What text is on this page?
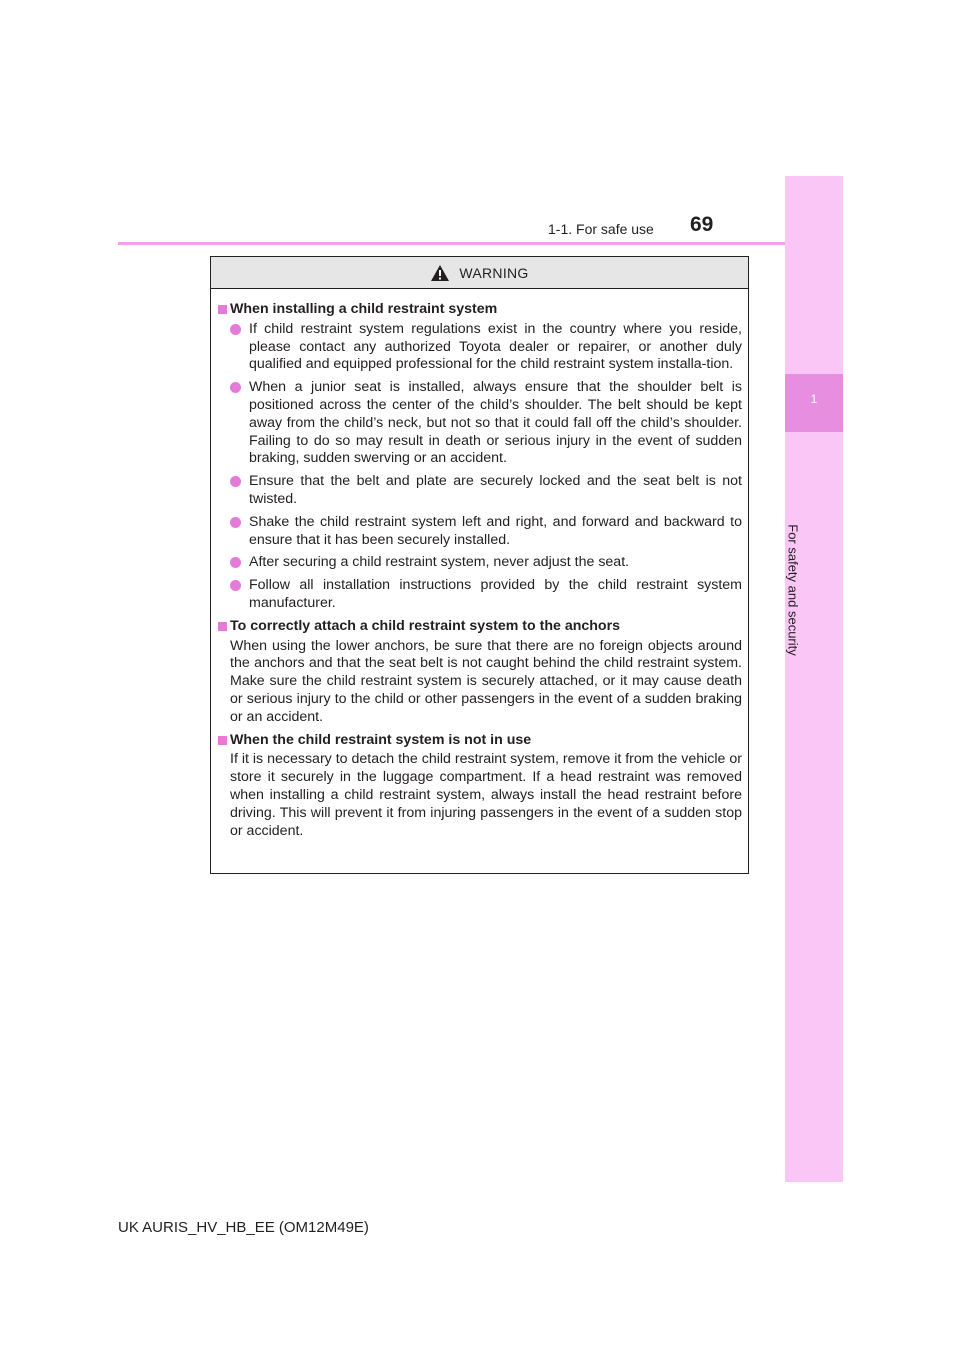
1-1. For safe use 69
1
For safety and security
WARNING
When installing a child restraint system
If child restraint system regulations exist in the country where you reside, please contact any authorized Toyota dealer or repairer, or another duly qualified and equipped professional for the child restraint system installa-tion.
When a junior seat is installed, always ensure that the shoulder belt is positioned across the center of the child’s shoulder. The belt should be kept away from the child’s neck, but not so that it could fall off the child’s shoulder. Failing to do so may result in death or serious injury in the event of sudden braking, sudden swerving or an accident.
Ensure that the belt and plate are securely locked and the seat belt is not twisted.
Shake the child restraint system left and right, and forward and backward to ensure that it has been securely installed.
After securing a child restraint system, never adjust the seat.
Follow all installation instructions provided by the child restraint system manufacturer.
To correctly attach a child restraint system to the anchors
When using the lower anchors, be sure that there are no foreign objects around the anchors and that the seat belt is not caught behind the child restraint system. Make sure the child restraint system is securely attached, or it may cause death or serious injury to the child or other passengers in the event of a sudden braking or an accident.
When the child restraint system is not in use
If it is necessary to detach the child restraint system, remove it from the vehicle or store it securely in the luggage compartment. If a head restraint was removed when installing a child restraint system, always install the head restraint before driving. This will prevent it from injuring passengers in the event of a sudden stop or accident.
UK AURIS_HV_HB_EE (OM12M49E)
